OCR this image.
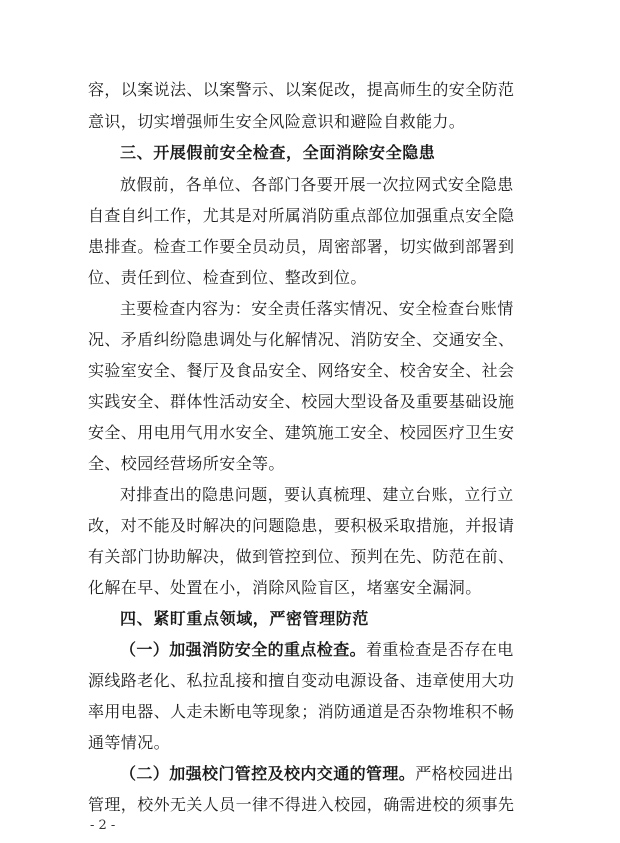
容，以案说法、以案警示、以案促改，提高师生的安全防范
意识，切实增强师生安全风险意识和避险自救能力。
三、开展假前安全检查，全面消除安全隐患
放假前，各单位、各部门各要开展一次拉网式安全隐患
自查自纠工作，尤其是对所属消防重点部位加强重点安全隐
患排查。检查工作要全员动员，周密部署，切实做到部署到
位、责任到位、检查到位、整改到位。
主要检查内容为：安全责任落实情况、安全检查台账情
况、矛盾纠纷隐患调处与化解情况、消防安全、交通安全、
实验室安全、餐厅及食品安全、网络安全、校舍安全、社会
实践安全、群体性活动安全、校园大型设备及重要基础设施
安全、用电用气用水安全、建筑施工安全、校园医疗卫生安
全、校园经营场所安全等。
对排查出的隐患问题，要认真梳理、建立台账，立行立
改，对不能及时解决的问题隐患，要积极采取措施，并报请
有关部门协助解决，做到管控到位、预判在先、防范在前、
化解在早、处置在小，消除风险盲区，堵塞安全漏洞。
四、紧盯重点领域，严密管理防范
（一）加强消防安全的重点检查。着重检查是否存在电
源线路老化、私拉乱接和擅自变动电源设备、违章使用大功
率用电器、人走未断电等现象；消防通道是否杂物堆积不畅
通等情况。
（二）加强校门管控及校内交通的管理。严格校园进出
管理，校外无关人员一律不得进入校园，确需进校的须事先
- 2 -
